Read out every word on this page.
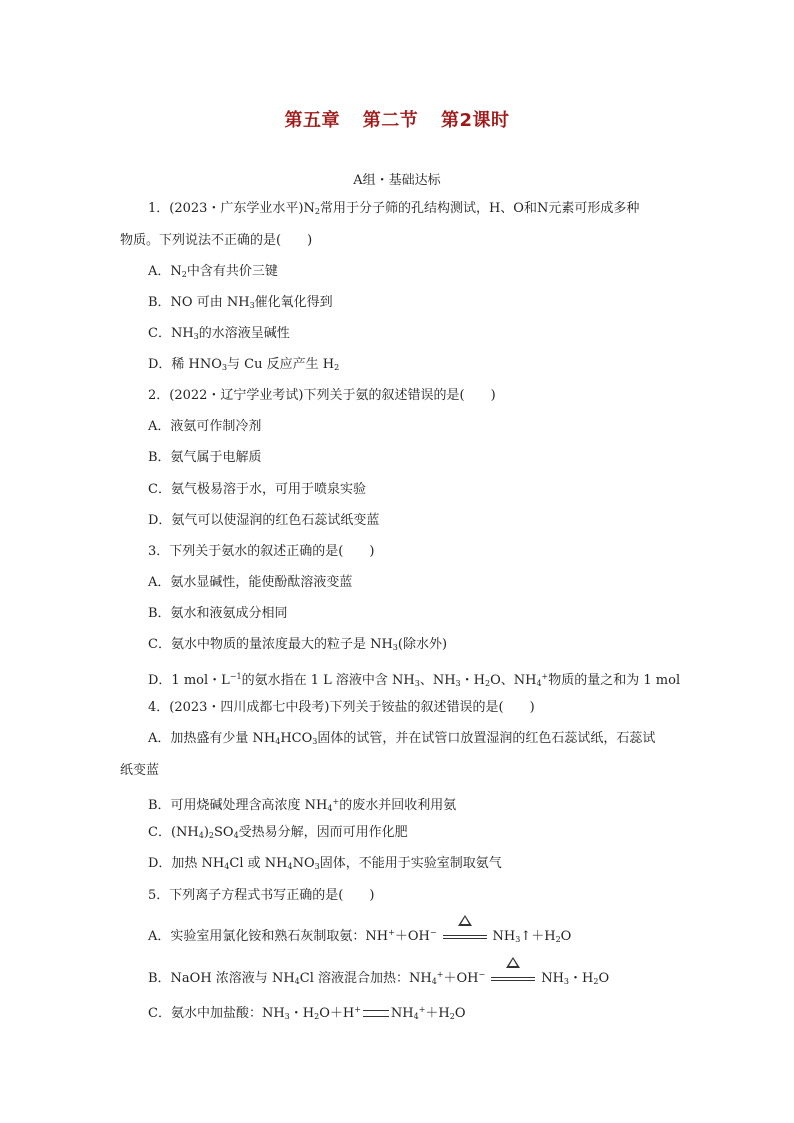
第五章 第二节 第2课时
A组・基础达标
1．(2023・广东学业水平)$N_2$常用于分子筛的孔结构测试，H、O和N元素可形成多种
物质。下列说法不正确的是(　　)
A．$N_2$中含有共价三键
B．NO 可由 $NH_3$催化氧化得到
C．$NH_3$的水溶液呈碱性
D．稀 $HNO_3$与 Cu 反应产生 $H_2$
2．(2022・辽宁学业考试)下列关于氨的叙述错误的是(　　)
A．液氨可作制冷剂
B．氨气属于电解质
C．氨气极易溶于水，可用于喷泉实验
D．氨气可以使湿润的红色石蕊试纸变蓝
3．下列关于氨水的叙述正确的是(　　)
A．氨水显碱性，能使酚酞溶液变蓝
B．氨水和液氨成分相同
C．氨水中物质的量浓度最大的粒子是 $NH_3$(除水外)
D．1 mol・$L^{-1}$的氨水指在 1 L 溶液中含 $NH_3$、$NH_3$・$H_2O$、$NH_4^+$物质的量之和为 1 mol
4．(2023・四川成都七中段考)下列关于铵盐的叙述错误的是(　　)
A．加热盛有少量 $NH_4HCO_3$固体的试管，并在试管口放置湿润的红色石蕊试纸，石蕊试
纸变蓝
B．可用烧碱处理含高浓度 $NH_4^+$的废水并回收利用氨
C．$(NH_4)_2SO_4$受热易分解，因而可用作化肥
D．加热 $NH_4Cl$ 或 $NH_4NO_3$固体，不能用于实验室制取氨气
5．下列离子方程式书写正确的是(　　)
A．实验室用氯化铵和熟石灰制取氨：NH+＋OH−	$NH_3↑+H_2O$
B．NaOH 浓溶液与 $NH_4Cl$ 溶液混合加热：$NH_4^++OH^-$	$NH_3$・$H_2O$
C．氨水中加盐酸：$NH_3$・$H_2O+H^+$ $NH_4^++H_2O$
